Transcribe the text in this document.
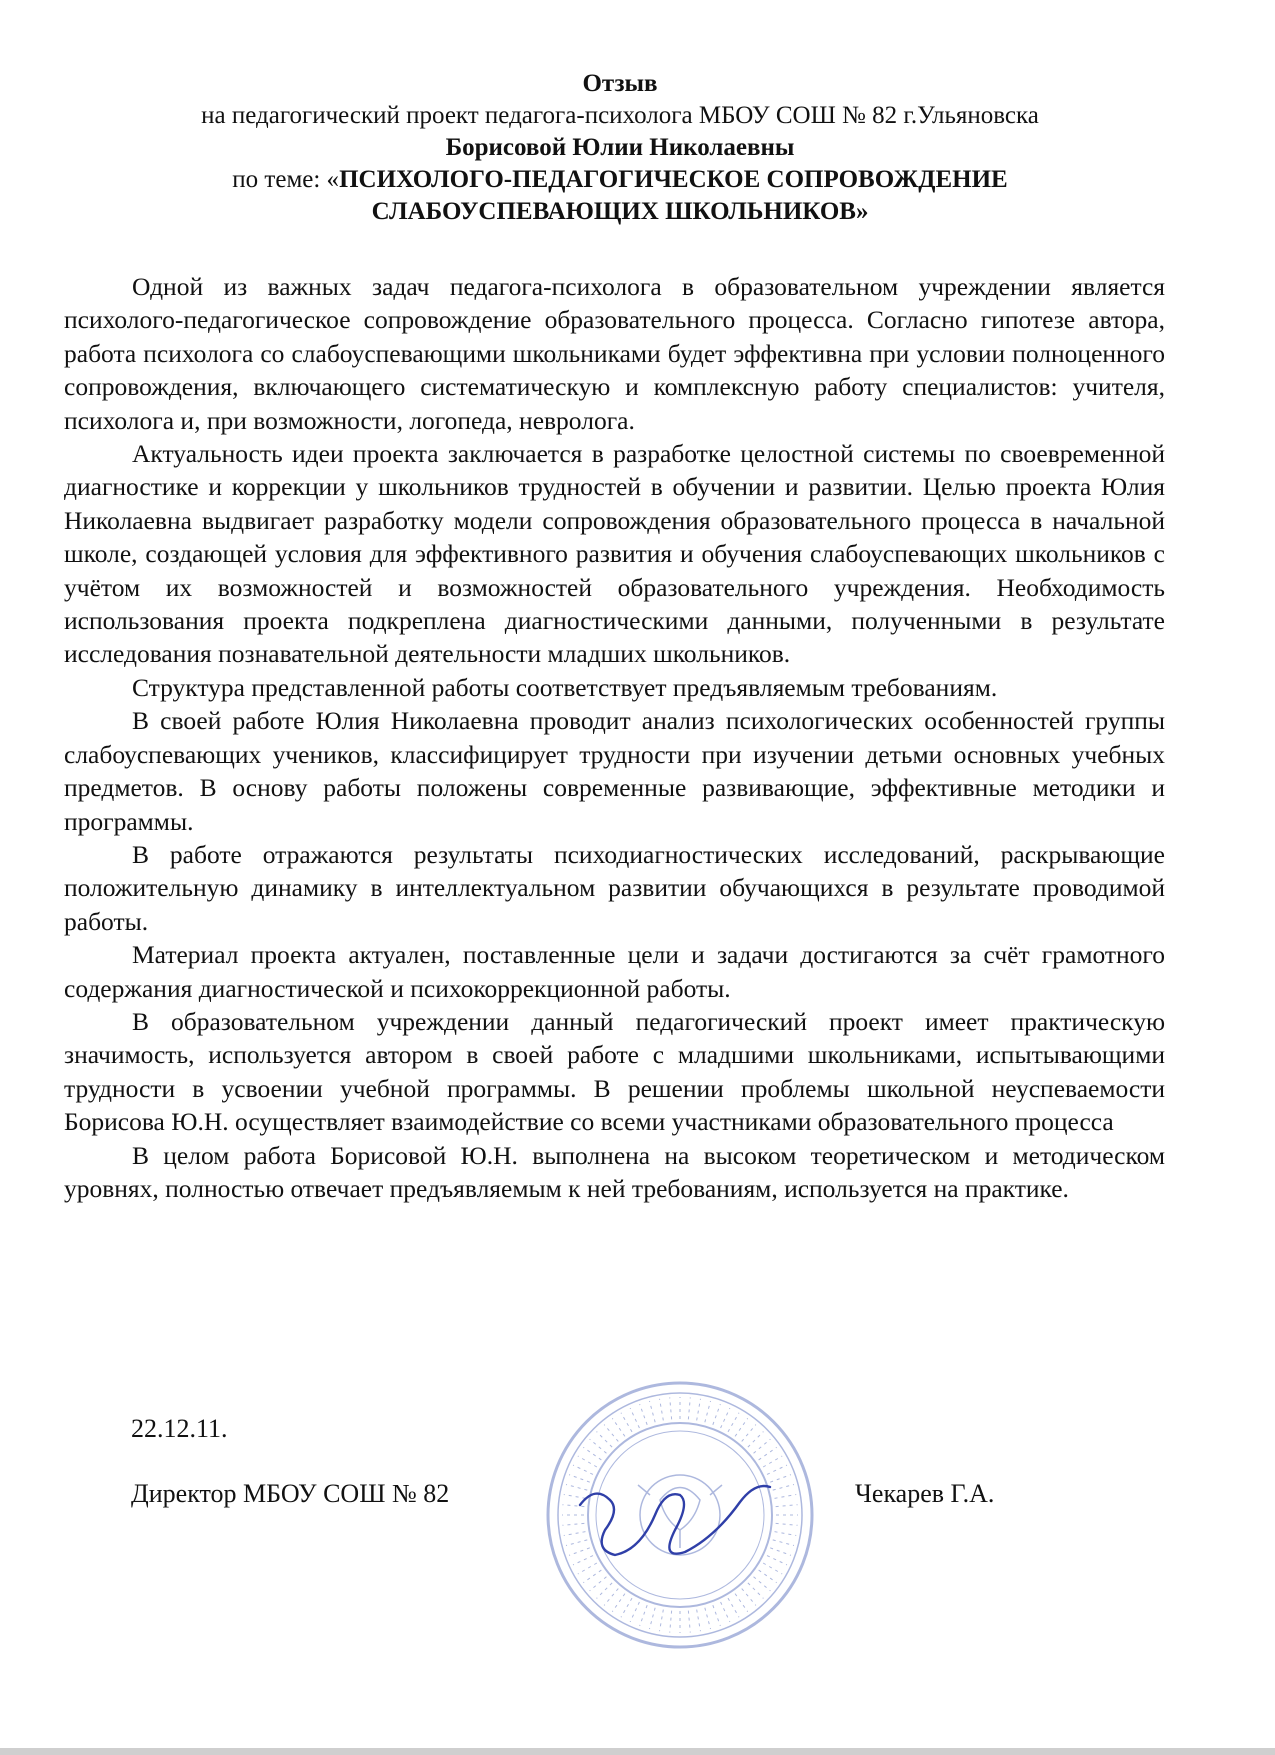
Отзыв
на педагогический проект педагога-психолога МБОУ СОШ № 82 г.Ульяновска
Борисовой Юлии Николаевны
по теме: «ПСИХОЛОГО-ПЕДАГОГИЧЕСКОЕ СОПРОВОЖДЕНИЕ
СЛАБОУСПЕВАЮЩИХ ШКОЛЬНИКОВ»

Одной из важных задач педагога-психолога в образовательном учреждении является психолого-педагогическое сопровождение образовательного процесса. Согласно гипотезе автора, работа психолога со слабоуспевающими школьниками будет эффективна при условии полноценного сопровождения, включающего систематическую и комплексную работу специалистов: учителя, психолога и, при возможности, логопеда, невролога.

Актуальность идеи проекта заключается в разработке целостной системы по своевременной диагностике и коррекции у школьников трудностей в обучении и развитии. Целью проекта Юлия Николаевна выдвигает разработку модели сопровождения образовательного процесса в начальной школе, создающей условия для эффективного развития и обучения слабоуспевающих школьников с учётом их возможностей и возможностей образовательного учреждения. Необходимость использования проекта подкреплена диагностическими данными, полученными в результате исследования познавательной деятельности младших школьников.

Структура представленной работы соответствует предъявляемым требованиям.

В своей работе Юлия Николаевна проводит анализ психологических особенностей группы слабоуспевающих учеников, классифицирует трудности при изучении детьми основных учебных предметов. В основу работы положены современные развивающие, эффективные методики и программы.

В работе отражаются результаты психодиагностических исследований, раскрывающие положительную динамику в интеллектуальном развитии обучающихся в результате проводимой работы.

Материал проекта актуален, поставленные цели и задачи достигаются за счёт грамотного содержания диагностической и психокоррекционной работы.

В образовательном учреждении данный педагогический проект имеет практическую значимость, используется автором в своей работе с младшими школьниками, испытывающими трудности в усвоении учебной программы. В решении проблемы школьной неуспеваемости Борисова Ю.Н. осуществляет взаимодействие со всеми участниками образовательного процесса

В целом работа Борисовой Ю.Н. выполнена на высоком теоретическом и методическом уровнях, полностью отвечает предъявляемым к ней требованиям, используется на практике.

22.12.11.
Директор МБОУ СОШ № 82	Чекарев Г.А.
